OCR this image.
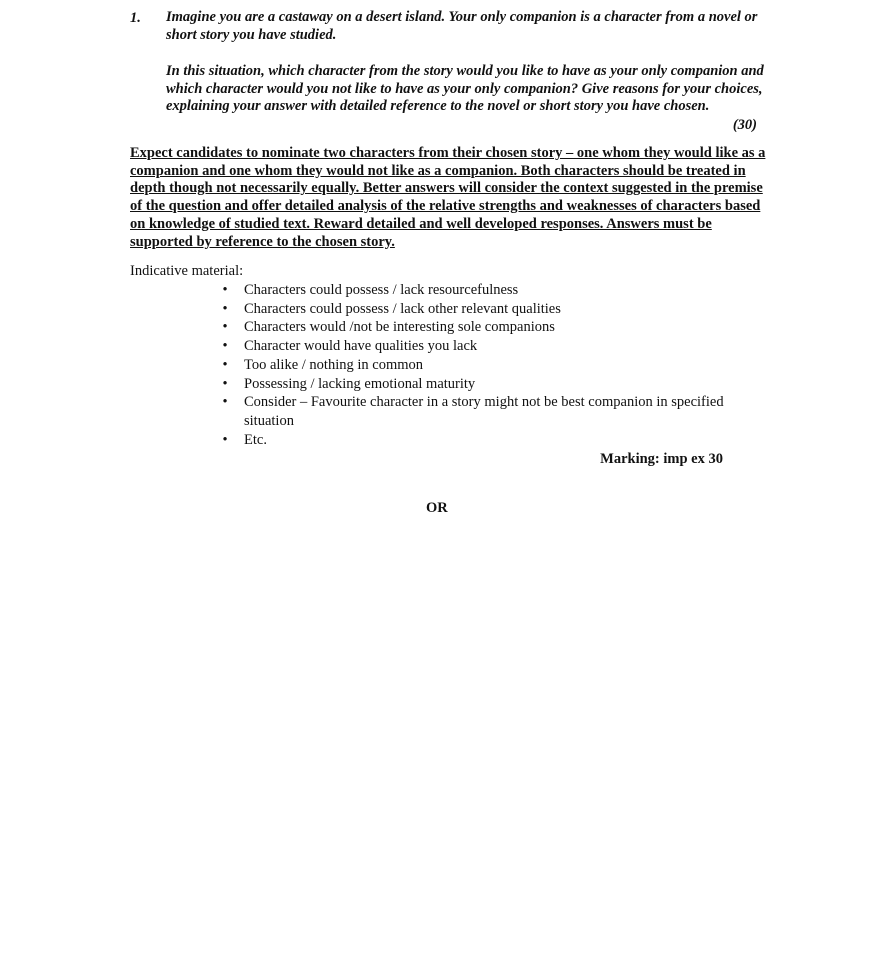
1. Imagine you are a castaway on a desert island. Your only companion is a character from a novel or short story you have studied.
In this situation, which character from the story would you like to have as your only companion and which character would you not like to have as your only companion? Give reasons for your choices, explaining your answer with detailed reference to the novel or short story you have chosen.
(30)
Expect candidates to nominate two characters from their chosen story – one whom they would like as a companion and one whom they would not like as a companion. Both characters should be treated in depth though not necessarily equally. Better answers will consider the context suggested in the premise of the question and offer detailed analysis of the relative strengths and weaknesses of characters based on knowledge of studied text. Reward detailed and well developed responses. Answers must be supported by reference to the chosen story.
Indicative material:
• Characters could possess / lack resourcefulness
• Characters could possess / lack other relevant qualities
• Characters would /not be interesting sole companions
• Character would have qualities you lack
• Too alike / nothing in common
• Possessing / lacking emotional maturity
• Consider – Favourite character in a story might not be best companion in specified situation
• Etc.
Marking: imp ex 30
OR
